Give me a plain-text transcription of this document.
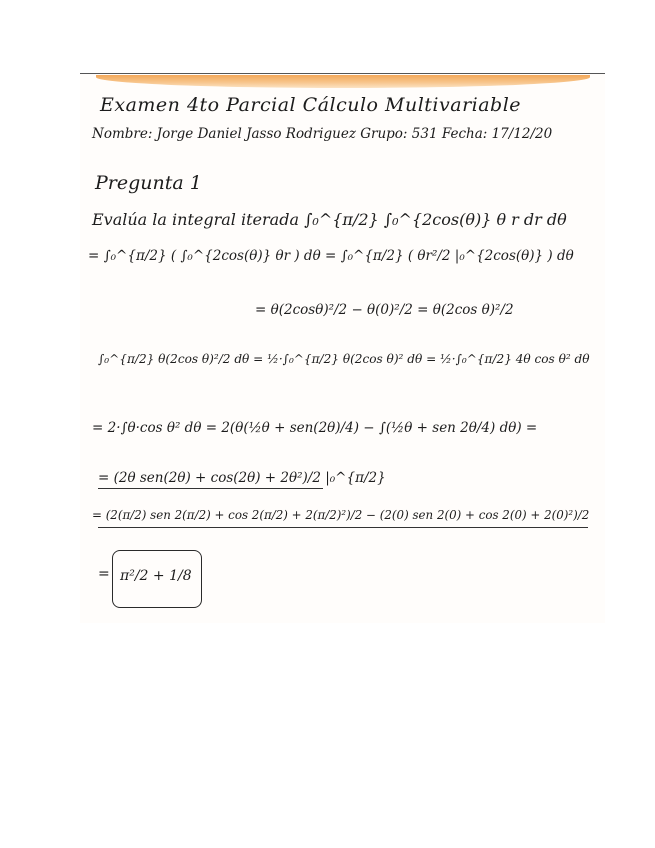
Examen 4to Parcial Cálculo Multivariable
Nombre: Jorge Daniel Jasso Rodriguez Grupo: 531 Fecha: 17/12/20
Pregunta 1
Evalúa la integral iterada ∫₀^{π/2} ∫₀^{2cos(θ)} θ r dr dθ
= ∫₀^{π/2} ( ∫₀^{2cos(θ)} θr ) dθ = ∫₀^{π/2} ( θr²/2 |₀^{2cos(θ)} ) dθ
= θ(2cosθ)²/2 − θ(0)²/2 = θ(2cos θ)²/2
∫₀^{π/2} θ(2cos θ)²/2 dθ = ½·∫₀^{π/2} θ(2cos θ)² dθ = ½·∫₀^{π/2} 4θ cos θ² dθ
= 2·∫θ·cos θ² dθ = 2(θ(½θ + sen(2θ)/4) − ∫(½θ + sen 2θ/4) dθ) =
= (2θ sen(2θ) + cos(2θ) + 2θ²)/2 |₀^{π/2}
= (2(π/2) sen 2(π/2) + cos 2(π/2) + 2(π/2)²)/2 − (2(0) sen 2(0) + cos 2(0) + 2(0)²)/2
= π²/2 + 1/8
